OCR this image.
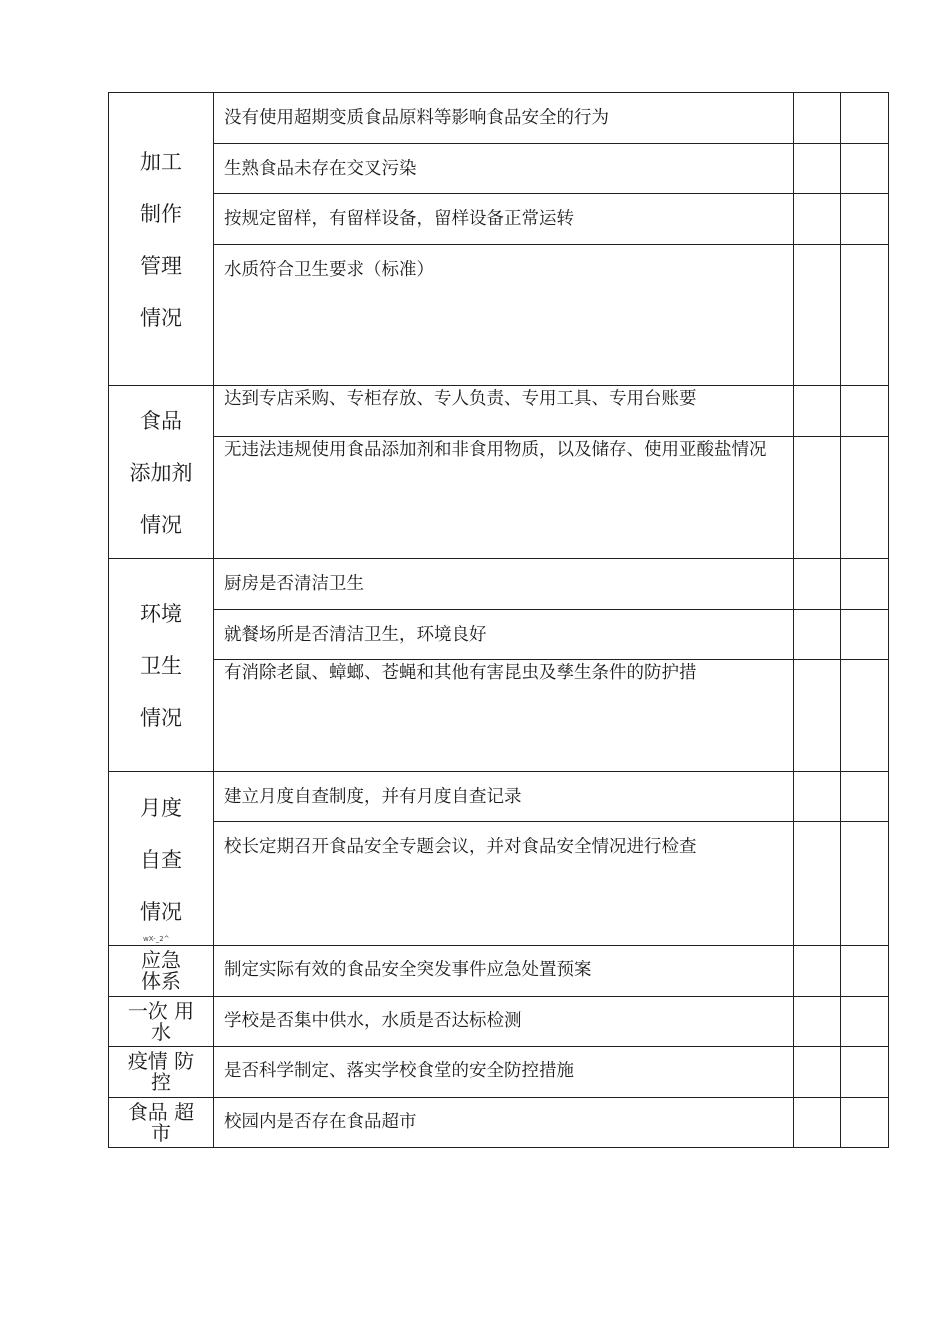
加工
制作
管理
情况	没有使用超期变质食品原料等影响食品安全的行为		
	生熟食品未存在交叉污染		
	按规定留样，有留样设备，留样设备正常运转		
	水质符合卫生要求（标准）		

食品
添加剂
情况	达到专店采购、专柜存放、专人负责、专用工具、专用台账要		
	无违法违规使用食品添加剂和非食用物质，以及储存、使用亚酸盐情况		

环境
卫生
情况	厨房是否清洁卫生		
	就餐场所是否清洁卫生，环境良好		
	有消除老鼠、蟑螂、苍蝇和其他有害昆虫及孳生条件的防护措		

月度
自查
情况
wX-_2^	建立月度自查制度，并有月度自查记录		
	校长定期召开食品安全专题会议，并对食品安全情况进行检查		

应急
体系	制定实际有效的食品安全突发事件应急处置预案		

一次 用
水	学校是否集中供水，水质是否达标检测		

疫情 防
控	是否科学制定、落实学校食堂的安全防控措施		

食品 超
市	校园内是否存在食品超市		
